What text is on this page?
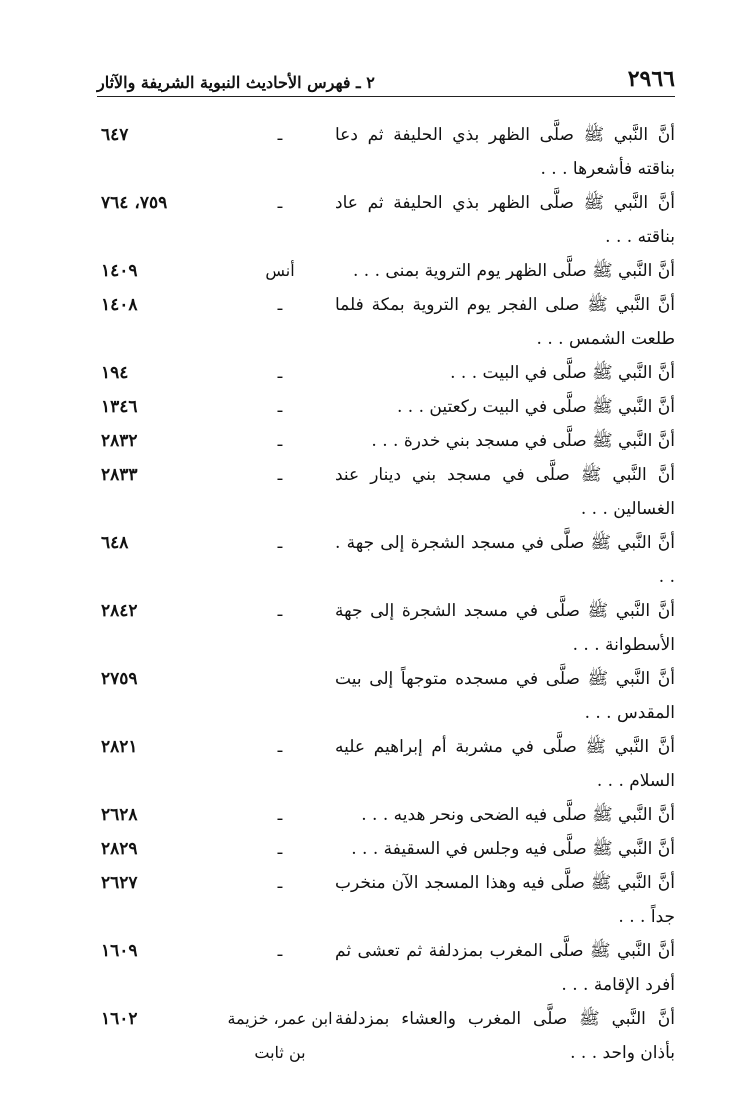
٢٩٦٦
٢ ـ فهرس الأحاديث النبوية الشريفة والآثار
أنَّ النَّبي ﷺ صلَّى الظهر بذي الحليفة ثم دعا بناقته فأشعرها . . .
ـ
٦٤٧
أنَّ النَّبي ﷺ صلَّى الظهر بذي الحليفة ثم عاد بناقته . . .
ـ
٧٥٩، ٧٦٤
أنَّ النَّبي ﷺ صلَّى الظهر يوم التروية بمنى . . .
أنس
١٤٠٩
أنَّ النَّبي ﷺ صلى الفجر يوم التروية بمكة فلما طلعت الشمس . . .
ـ
١٤٠٨
أنَّ النَّبي ﷺ صلَّى في البيت . . .
ـ
١٩٤
أنَّ النَّبي ﷺ صلَّى في البيت ركعتين . . .
ـ
١٣٤٦
أنَّ النَّبي ﷺ صلَّى في مسجد بني خدرة . . .
ـ
٢٨٣٢
أنَّ النَّبي ﷺ صلَّى في مسجد بني دينار عند الغسالين . . .
ـ
٢٨٣٣
أنَّ النَّبي ﷺ صلَّى في مسجد الشجرة إلى جهة . . .
ـ
٦٤٨
أنَّ النَّبي ﷺ صلَّى في مسجد الشجرة إلى جهة الأسطوانة . . .
ـ
٢٨٤٢
أنَّ النَّبي ﷺ صلَّى في مسجده متوجهاً إلى بيت المقدس . . .
٢٧٥٩
أنَّ النَّبي ﷺ صلَّى في مشربة أم إبراهيم عليه السلام . . .
ـ
٢٨٢١
أنَّ النَّبي ﷺ صلَّى فيه الضحى ونحر هديه . . .
ـ
٢٦٢٨
أنَّ النَّبي ﷺ صلَّى فيه وجلس في السقيفة . . .
ـ
٢٨٢٩
أنَّ النَّبي ﷺ صلَّى فيه وهذا المسجد الآن منخرب جداً . . .
ـ
٢٦٢٧
أنَّ النَّبي ﷺ صلَّى المغرب بمزدلفة ثم تعشى ثم أفرد الإقامة . . .
ـ
١٦٠٩
أنَّ النَّبي ﷺ صلَّى المغرب والعشاء بمزدلفة بأذان واحد . . .
ابن عمر، خزيمة بن ثابت
١٦٠٢
